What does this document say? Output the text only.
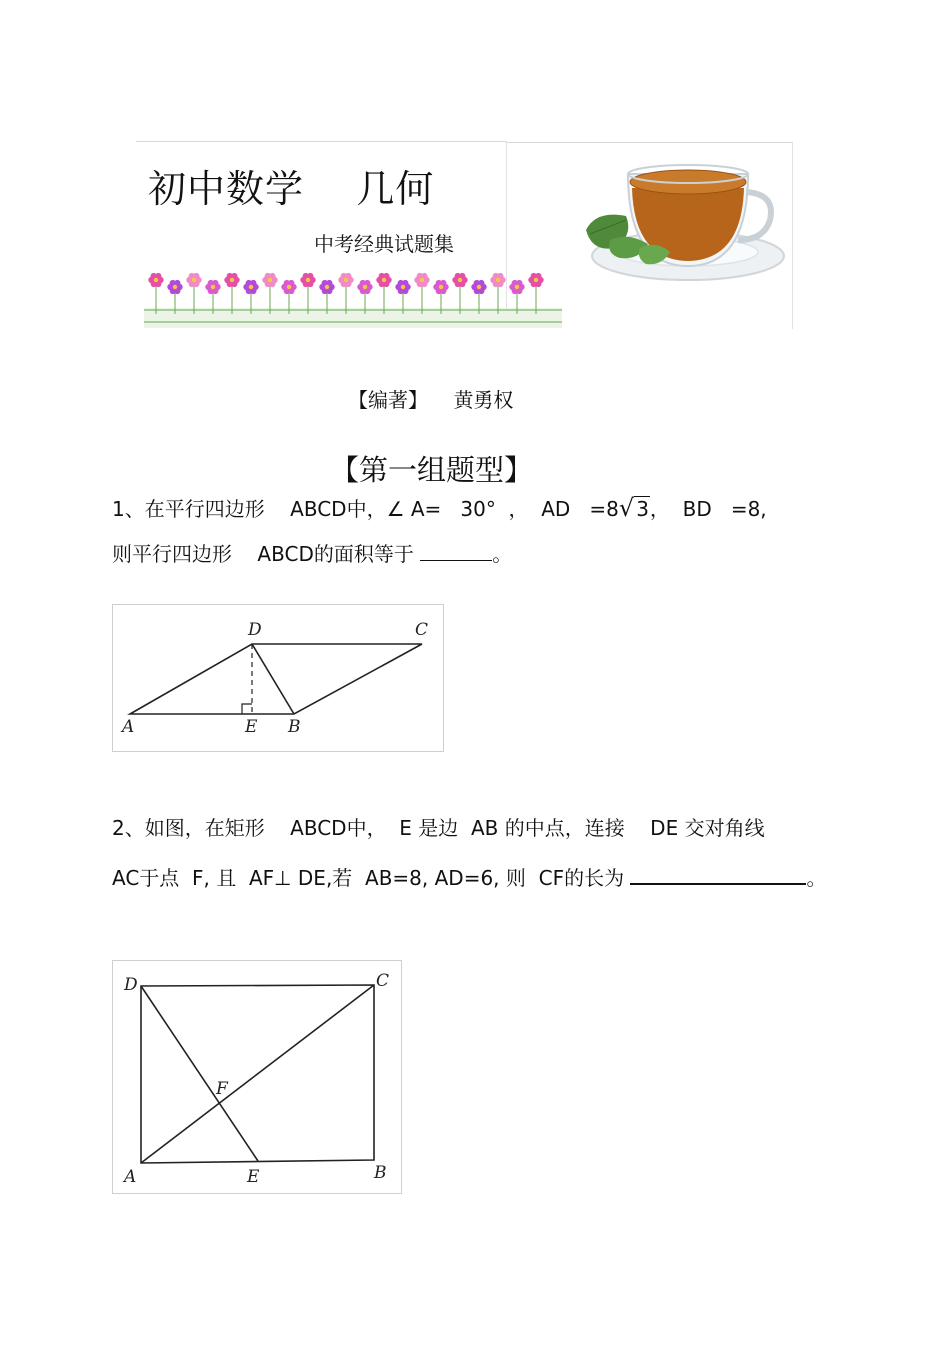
初中数学    几何
中考经典试题集
【编著】 黄勇权
【第一组题型】
1、在平行四边形    ABCD中，∠ A=   30°  ，  AD   =8√ 3，  BD   =8,
则平行四边形    ABCD的面积等于	。
D	C
A	E B
2、如图，在矩形    ABCD中，  E 是边  AB 的中点，连接    DE 交对角线
AC于点  F, 且  AF⊥ DE,若  AB=8, AD=6, 则  CF的长为	。
D	C
F
A	E	B
